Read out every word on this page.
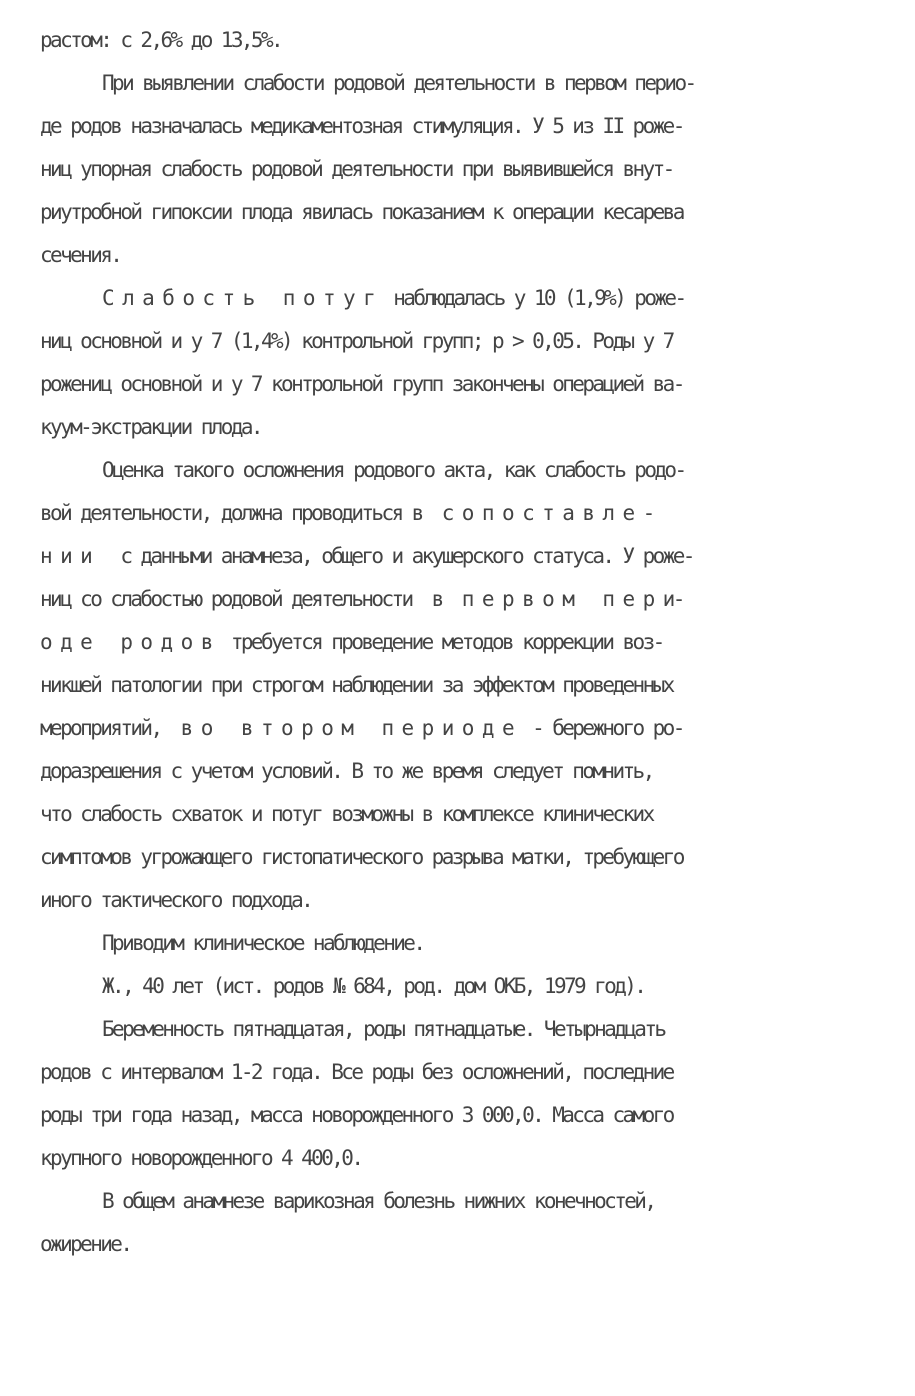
растом: с 2,6% до 13,5%.
При выявлении слабости родовой деятельности в первом перио-
де родов назначалась медикаментозная стимуляция. У 5 из II роже-
ниц упорная слабость родовой деятельности при выявившейся внут-
риутробной гипоксии плода явилась показанием к операции кесарева
сечения.
С л а б о с т ь   п о т у г  наблюдалась у 10 (1,9%) роже-
ниц основной и у 7 (1,4%) контрольной групп; p > 0,05. Роды у 7
рожениц основной и у 7 контрольной групп закончены операцией ва-
куум-экстракции плода.
Оценка такого осложнения родового акта, как слабость родо-
вой деятельности, должна проводиться в  с о п о с т а в л е -
н и и   с данными анамнеза, общего и акушерского статуса. У роже-
ниц со слабостью родовой деятельности  в  п е р в о м   п е р и-
о д е   р о д о в  требуется проведение методов коррекции воз-
никшей патологии при строгом наблюдении за эффектом проведенных
мероприятий,  в о   в т о р о м   п е р и о д е  - бережного ро-
доразрешения с учетом условий. В то же время следует помнить,
что слабость схваток и потуг возможны в комплексе клинических
симптомов угрожающего гистопатического разрыва матки, требующего
иного тактического подхода.
Приводим клиническое наблюдение.
Ж., 40 лет (ист. родов № 684, род. дом ОКБ, 1979 год).
Беременность пятнадцатая, роды пятнадцатые. Четырнадцать
родов с интервалом 1-2 года. Все роды без осложнений, последние
роды три года назад, масса новорожденного 3 000,0. Масса самого
крупного новорожденного 4 400,0.
В общем анамнезе варикозная болезнь нижних конечностей,
ожирение.
